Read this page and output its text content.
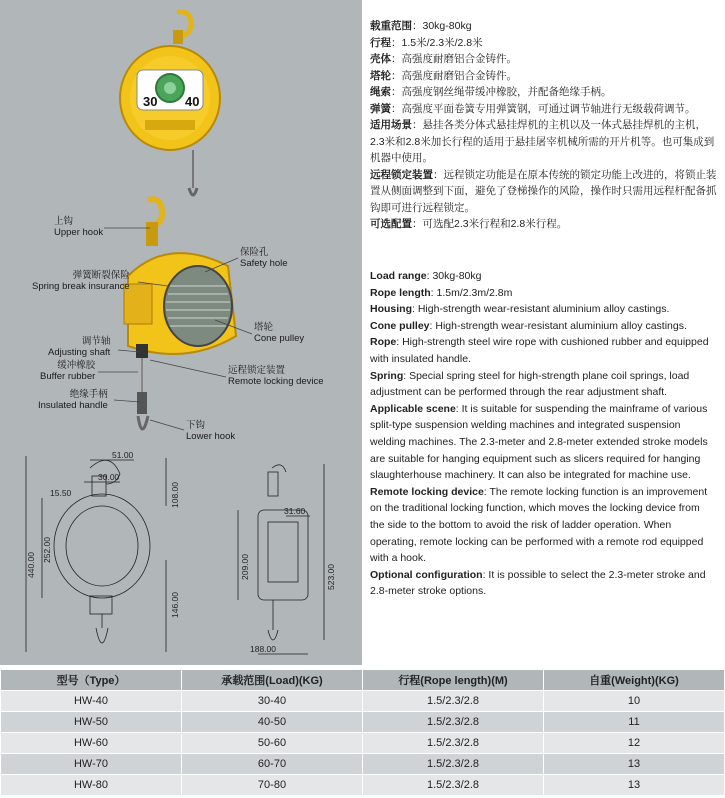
30 40
上钩
Upper hook
保险孔
Safety hole
弹簧断裂保险
Spring break insurance
塔轮
Cone pulley
调节轴
Adjusting shaft
缓冲橡胶
Buffer rubber
远程锁定装置
Remote locking device
绝缘手柄
Insulated handle
下钩
Lower hook
51.00
30.00
15.50	108.00
440.00
252.00
146.00
31.60
209.00	523.00
188.00

载重范围：30kg-80kg

行程：1.5米/2.3米/2.8米

壳体：高强度耐磨铝合金铸件。

塔轮：高强度耐磨铝合金铸件。

绳索：高强度钢丝绳带缓冲橡胶，并配备绝缘手柄。

弹簧：高强度平面卷簧专用弹簧钢，可通过调节轴进行无级载荷调节。

适用场景：悬挂各类分体式悬挂焊机的主机以及一体式悬挂焊机的主机，2.3米和2.8米加长行程的适用于悬挂屠宰机械所需的开片机等。也可集成到机器中使用。

远程锁定装置：远程锁定功能是在原本传统的锁定功能上改进的，将锁止装置从侧面调整到下面，避免了登梯操作的风险，操作时只需用远程杆配备抓钩即可进行远程锁定。

可选配置：可选配2.3米行程和2.8米行程。

Load range: 30kg-80kg

Rope length: 1.5m/2.3m/2.8m

Housing: High-strength wear-resistant aluminium alloy castings.

Cone pulley: High-strength wear-resistant aluminium alloy castings.

Rope: High-strength steel wire rope with cushioned rubber and equipped with insulated handle.

Spring: Special spring steel for high-strength plane coil springs, load adjustment can be performed through the rear adjustment shaft.

Applicable scene: It is suitable for suspending the mainframe of various split-type suspension welding machines and integrated suspension welding machines. The 2.3-meter and 2.8-meter extended stroke models are suitable for hanging equipment such as slicers required for hanging slaughterhouse machinery. It can also be integrated for machine use.

Remote locking device: The remote locking function is an improvement on the traditional locking function, which moves the locking device from the side to the bottom to avoid the risk of ladder operation. When operating, remote locking can be performed with a remote rod equipped with a hook.

Optional configuration: It is possible to select the 2.3-meter stroke and 2.8-meter stroke options.

型号（Type）	承载范围(Load)(KG)	行程(Rope length)(M)	自重(Weight)(KG)
HW-40	30-40	1.5/2.3/2.8	10
HW-50	40-50	1.5/2.3/2.8	11
HW-60	50-60	1.5/2.3/2.8	12
HW-70	60-70	1.5/2.3/2.8	13
HW-80	70-80	1.5/2.3/2.8	13
